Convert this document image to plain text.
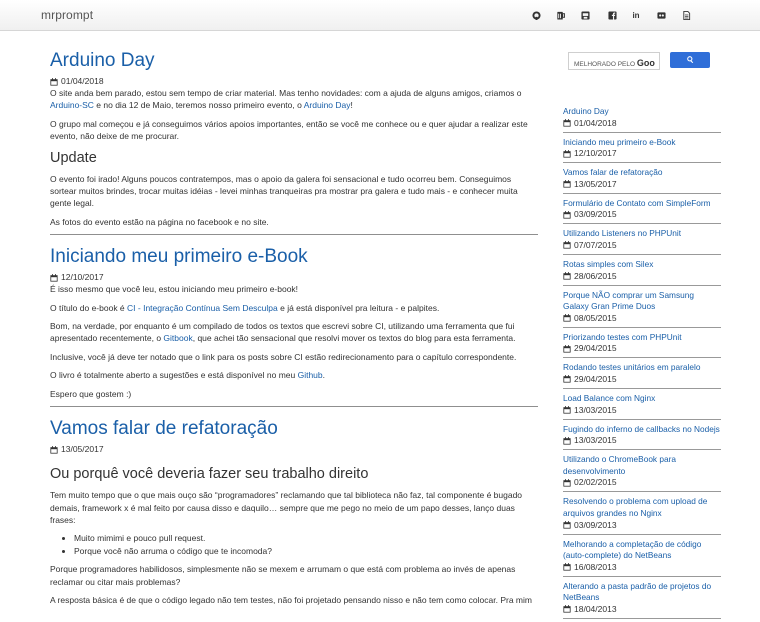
mrprompt	in
Arduino Day
01/04/2018

O site anda bem parado, estou sem tempo de criar material. Mas tenho novidades: com a ajuda de alguns amigos, criamos o Arduino-SC e no dia 12 de Maio, teremos nosso primeiro evento, o Arduino Day!

O grupo mal começou e já conseguimos vários apoios importantes, então se você me conhece ou e quer ajudar a realizar este evento, não deixe de me procurar.

Update

O evento foi irado! Alguns poucos contratempos, mas o apoio da galera foi sensacional e tudo ocorreu bem. Conseguimos sortear muitos brindes, trocar muitas idéias - levei minhas tranqueiras pra mostrar pra galera e tudo mais - e conhecer muita gente legal.

As fotos do evento estão na página no facebook e no site.

Iniciando meu primeiro e-Book
12/10/2017

É isso mesmo que você leu, estou iniciando meu primeiro e-book!

O título do e-book é CI - Integração Contínua Sem Desculpa e já está disponível pra leitura - e palpites.

Bom, na verdade, por enquanto é um compilado de todos os textos que escrevi sobre CI, utilizando uma ferramenta que fui apresentado recentemente, o Gitbook, que achei tão sensacional que resolvi mover os textos do blog para esta ferramenta.

Inclusive, você já deve ter notado que o link para os posts sobre CI estão redirecionamento para o capítulo correspondente.

O livro é totalmente aberto a sugestões e está disponível no meu Github.

Espero que gostem :)

Vamos falar de refatoração
13/05/2017
Ou porquê você deveria fazer seu trabalho direito

Tem muito tempo que o que mais ouço são “programadores” reclamando que tal biblioteca não faz, tal componente é bugado demais, framework x é mal feito por causa disso e daquilo… sempre que me pego no meio de um papo desses, lanço duas frases:

• Muito mimimi e pouco pull request.
• Porque você não arruma o código que te incomoda?

Porque programadores habilidosos, simplesmente não se mexem e arrumam o que está com problema ao invés de apenas reclamar ou citar mais problemas?

A resposta básica é de que o código legado não tem testes, não foi projetado pensando nisso e não tem como colocar. Pra mim

MELHORADO PELO Goo
Arduino Day
01/04/2018
Iniciando meu primeiro e-Book
12/10/2017
Vamos falar de refatoração
13/05/2017
Formulário de Contato com SimpleForm
03/09/2015
Utilizando Listeners no PHPUnit
07/07/2015
Rotas simples com Silex
28/06/2015
Porque NÃO comprar um Samsung Galaxy Gran Prime Duos
08/05/2015
Priorizando testes com PHPUnit
29/04/2015
Rodando testes unitários em paralelo
29/04/2015
Load Balance com Nginx
13/03/2015
Fugindo do inferno de callbacks no Nodejs
13/03/2015
Utilizando o ChromeBook para desenvolvimento
02/02/2015
Resolvendo o problema com upload de arquivos grandes no Nginx
03/09/2013
Melhorando a completação de código (auto-complete) do NetBeans
16/08/2013
Alterando a pasta padrão de projetos do NetBeans
18/04/2013
